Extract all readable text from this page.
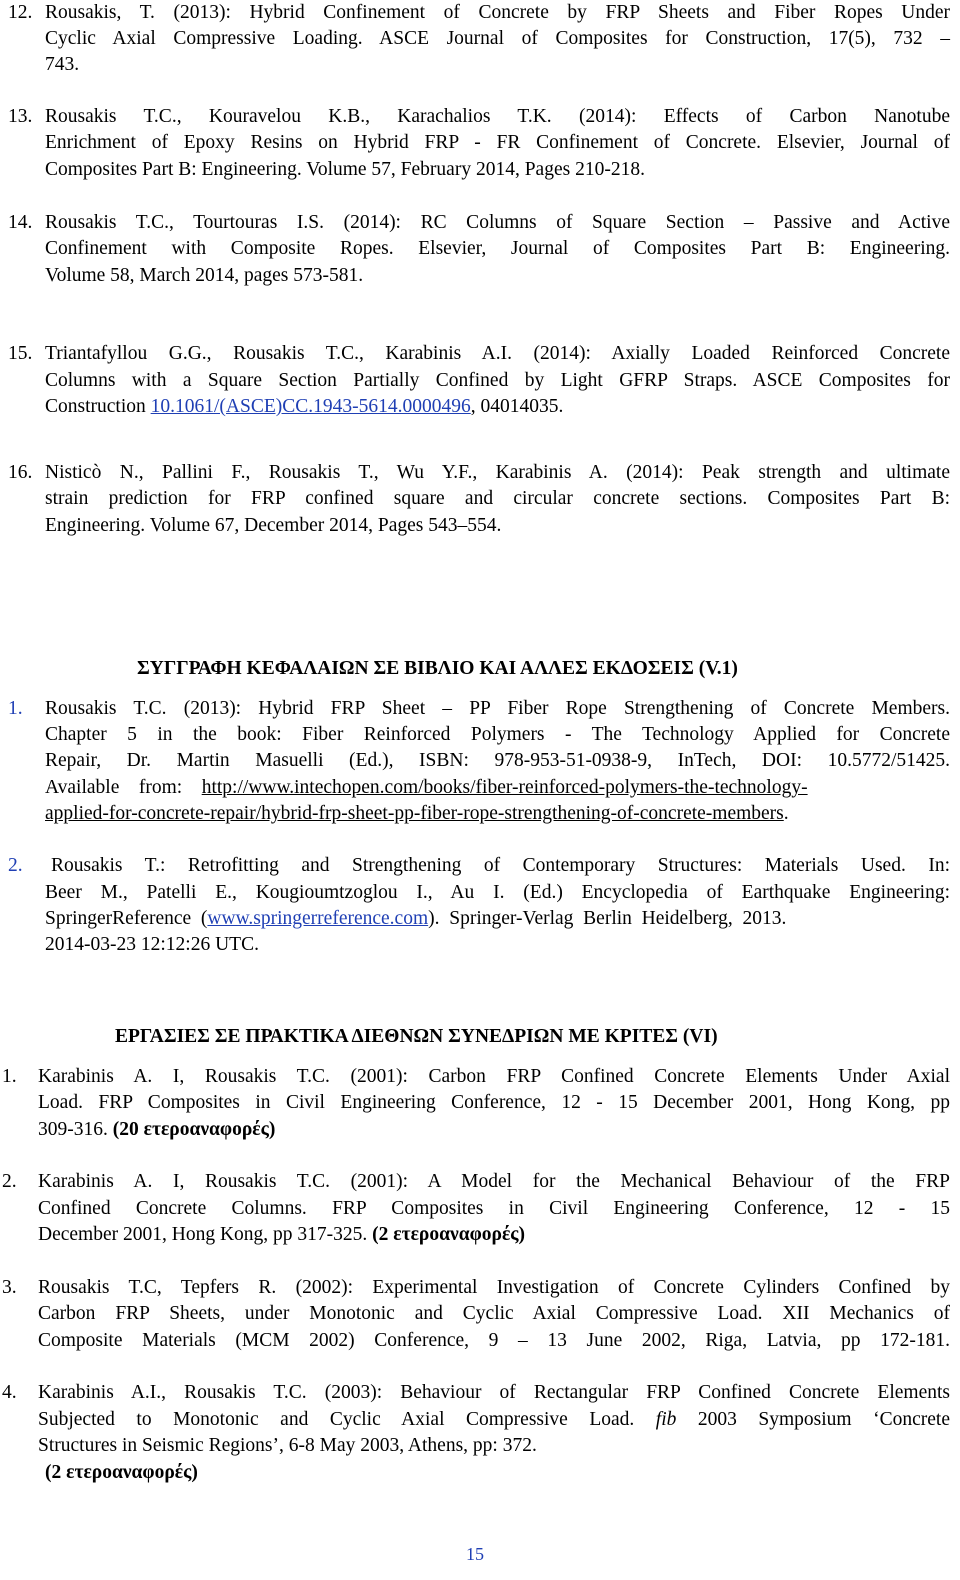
12. Rousakis, T. (2013): Hybrid Confinement of Concrete by FRP Sheets and Fiber Ropes Under
Cyclic Axial Compressive Loading. ASCE Journal of Composites for Construction, 17(5), 732 –
743.
13. Rousakis T.C., Kouravelou K.B., Karachalios T.K. (2014): Effects of Carbon Nanotube
Enrichment of Epoxy Resins on Hybrid FRP - FR Confinement of Concrete. Elsevier, Journal of
Composites Part B: Engineering. Volume 57, February 2014, Pages 210-218.
14. Rousakis T.C., Tourtouras I.S. (2014): RC Columns of Square Section – Passive and Active
Confinement with Composite Ropes. Elsevier, Journal of Composites Part B: Engineering.
Volume 58, March 2014, pages 573-581.
15. Triantafyllou G.G., Rousakis T.C., Karabinis A.I. (2014): Axially Loaded Reinforced Concrete
Columns with a Square Section Partially Confined by Light GFRP Straps. ASCE Composites for
Construction 10.1061/(ASCE)CC.1943-5614.0000496, 04014035.
16. Nisticò N., Pallini F., Rousakis T., Wu Y.F., Karabinis A. (2014): Peak strength and ultimate
strain prediction for FRP confined square and circular concrete sections. Composites Part B:
Engineering. Volume 67, December 2014, Pages 543–554.
ΣΥΓΓΡΑΦΗ ΚΕΦΑΛΑΙΩΝ ΣΕ ΒΙΒΛΙΟ ΚΑΙ ΑΛΛΕΣ ΕΚΔΟΣΕΙΣ (V.1)
1. Rousakis T.C. (2013): Hybrid FRP Sheet – PP Fiber Rope Strengthening of Concrete Members.
Chapter 5 in the book: Fiber Reinforced Polymers - The Technology Applied for Concrete
Repair, Dr. Martin Masuelli (Ed.), ISBN: 978-953-51-0938-9, InTech, DOI: 10.5772/51425.
Available    from:    http://www.intechopen.com/books/fiber-reinforced-polymers-the-technology-
applied-for-concrete-repair/hybrid-frp-sheet-pp-fiber-rope-strengthening-of-concrete-members.
2. Rousakis T.: Retrofitting and Strengthening of Contemporary Structures: Materials Used. In:
Beer M., Patelli E., Kougioumtzoglou I., Au I. (Ed.) Encyclopedia of Earthquake Engineering:
SpringerReference  (www.springerreference.com).  Springer-Verlag  Berlin  Heidelberg,  2013.
2014-03-23 12:12:26 UTC.
ΕΡΓΑΣΙΕΣ ΣΕ ΠΡΑΚΤΙΚΑ ΔΙΕΘΝΩΝ ΣΥΝΕΔΡΙΩΝ ΜΕ ΚΡΙΤΕΣ (VI)
1. Karabinis A. I, Rousakis T.C. (2001): Carbon FRP Confined Concrete Elements Under Axial
Load. FRP Composites in Civil Engineering Conference, 12 - 15 December 2001, Hong Kong, pp
309-316. (20 ετεροαναφορές)
2. Karabinis A. I, Rousakis T.C. (2001): A Model for the Mechanical Behaviour of the FRP
Confined Concrete Columns. FRP Composites in Civil Engineering Conference, 12 - 15
December 2001, Hong Kong, pp 317-325. (2 ετεροαναφορές)
3. Rousakis T.C, Tepfers R. (2002): Experimental Investigation of Concrete Cylinders Confined by
Carbon FRP Sheets, under Monotonic and Cyclic Axial Compressive Load. XII Mechanics of
Composite Materials (MCM 2002) Conference, 9 – 13 June 2002, Riga, Latvia, pp 172-181.
4. Karabinis A.I., Rousakis T.C. (2003): Behaviour of Rectangular FRP Confined Concrete Elements
Subjected to Monotonic and Cyclic Axial Compressive Load. fib 2003 Symposium ‘Concrete
Structures in Seismic Regions’, 6-8 May 2003, Athens, pp: 372.
(2 ετεροαναφορές)
15
